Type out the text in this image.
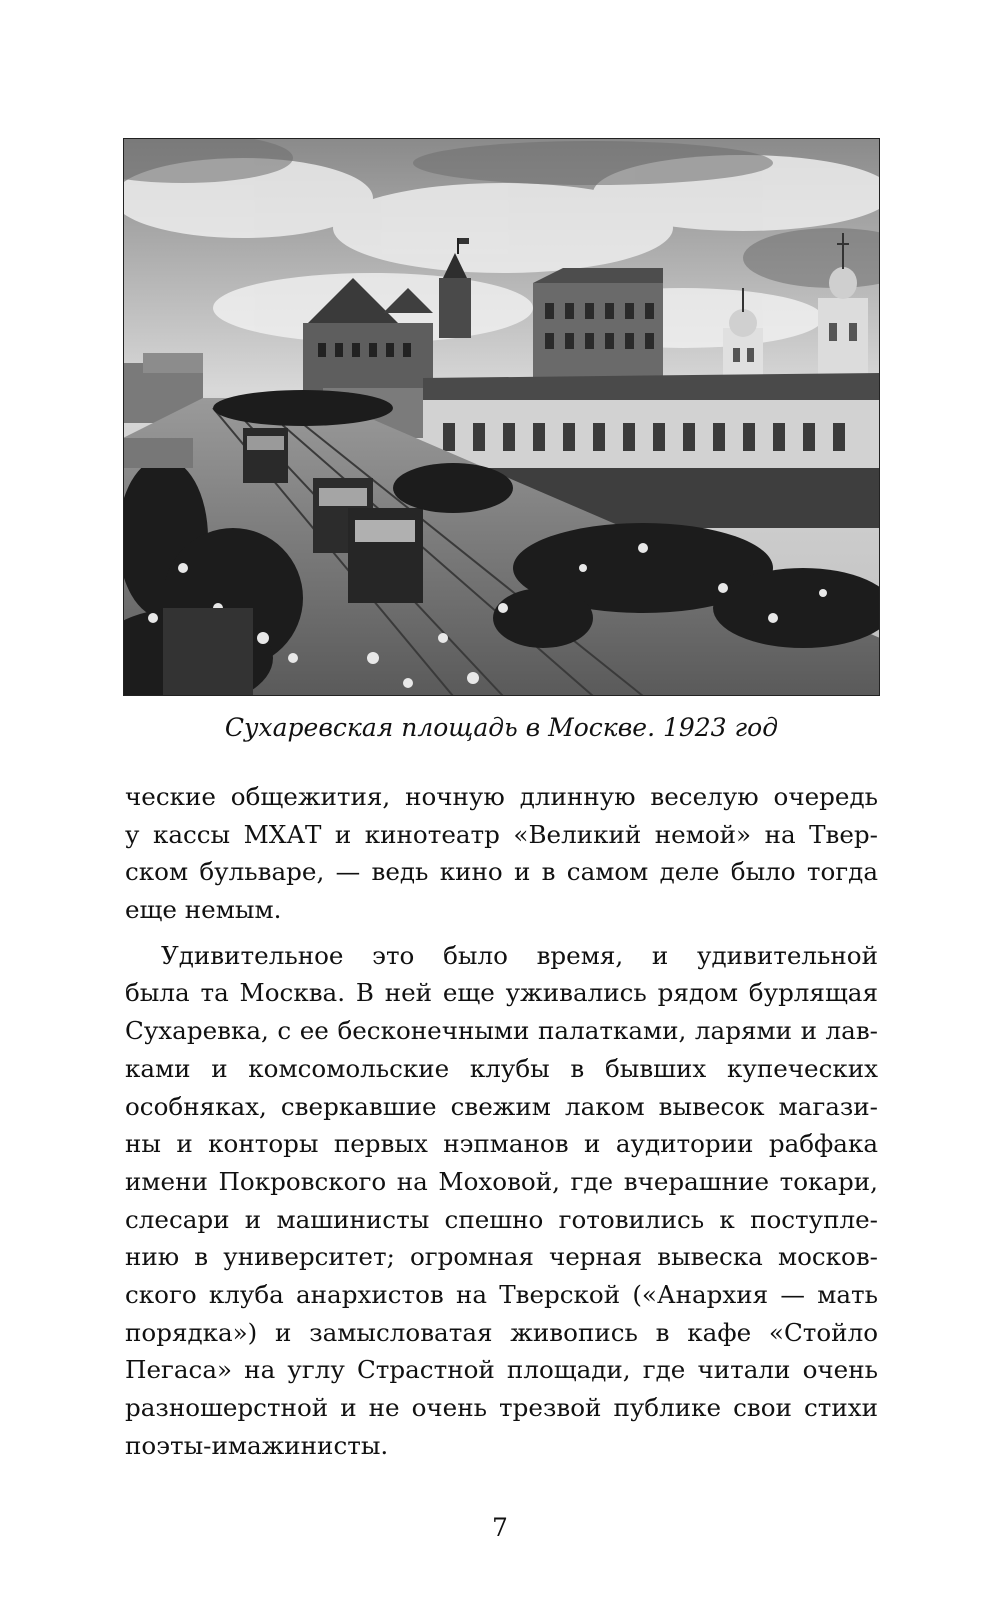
Сухаревская площадь в Москве. 1923 год
ческие общежития, ночную длинную веселую очередь
у кассы МХАТ и кинотеатр «Великий немой» на Твер-
ском бульваре, — ведь кино и в самом деле было тогда
еще немым.
Удивительное это было время, и удивительной
была та Москва. В ней еще уживались рядом бурлящая
Сухаревка, с ее бесконечными палатками, ларями и лав-
ками и комсомольские клубы в бывших купеческих
особняках, сверкавшие свежим лаком вывесок магази-
ны и конторы первых нэпманов и аудитории рабфака
имени Покровского на Моховой, где вчерашние токари,
слесари и машинисты спешно готовились к поступле-
нию в университет; огромная черная вывеска москов-
ского клуба анархистов на Тверской («Анархия — мать
порядка») и замысловатая живопись в кафе «Стойло
Пегаса» на углу Страстной площади, где читали очень
разношерстной и не очень трезвой публике свои стихи
поэты-имажинисты.
7
